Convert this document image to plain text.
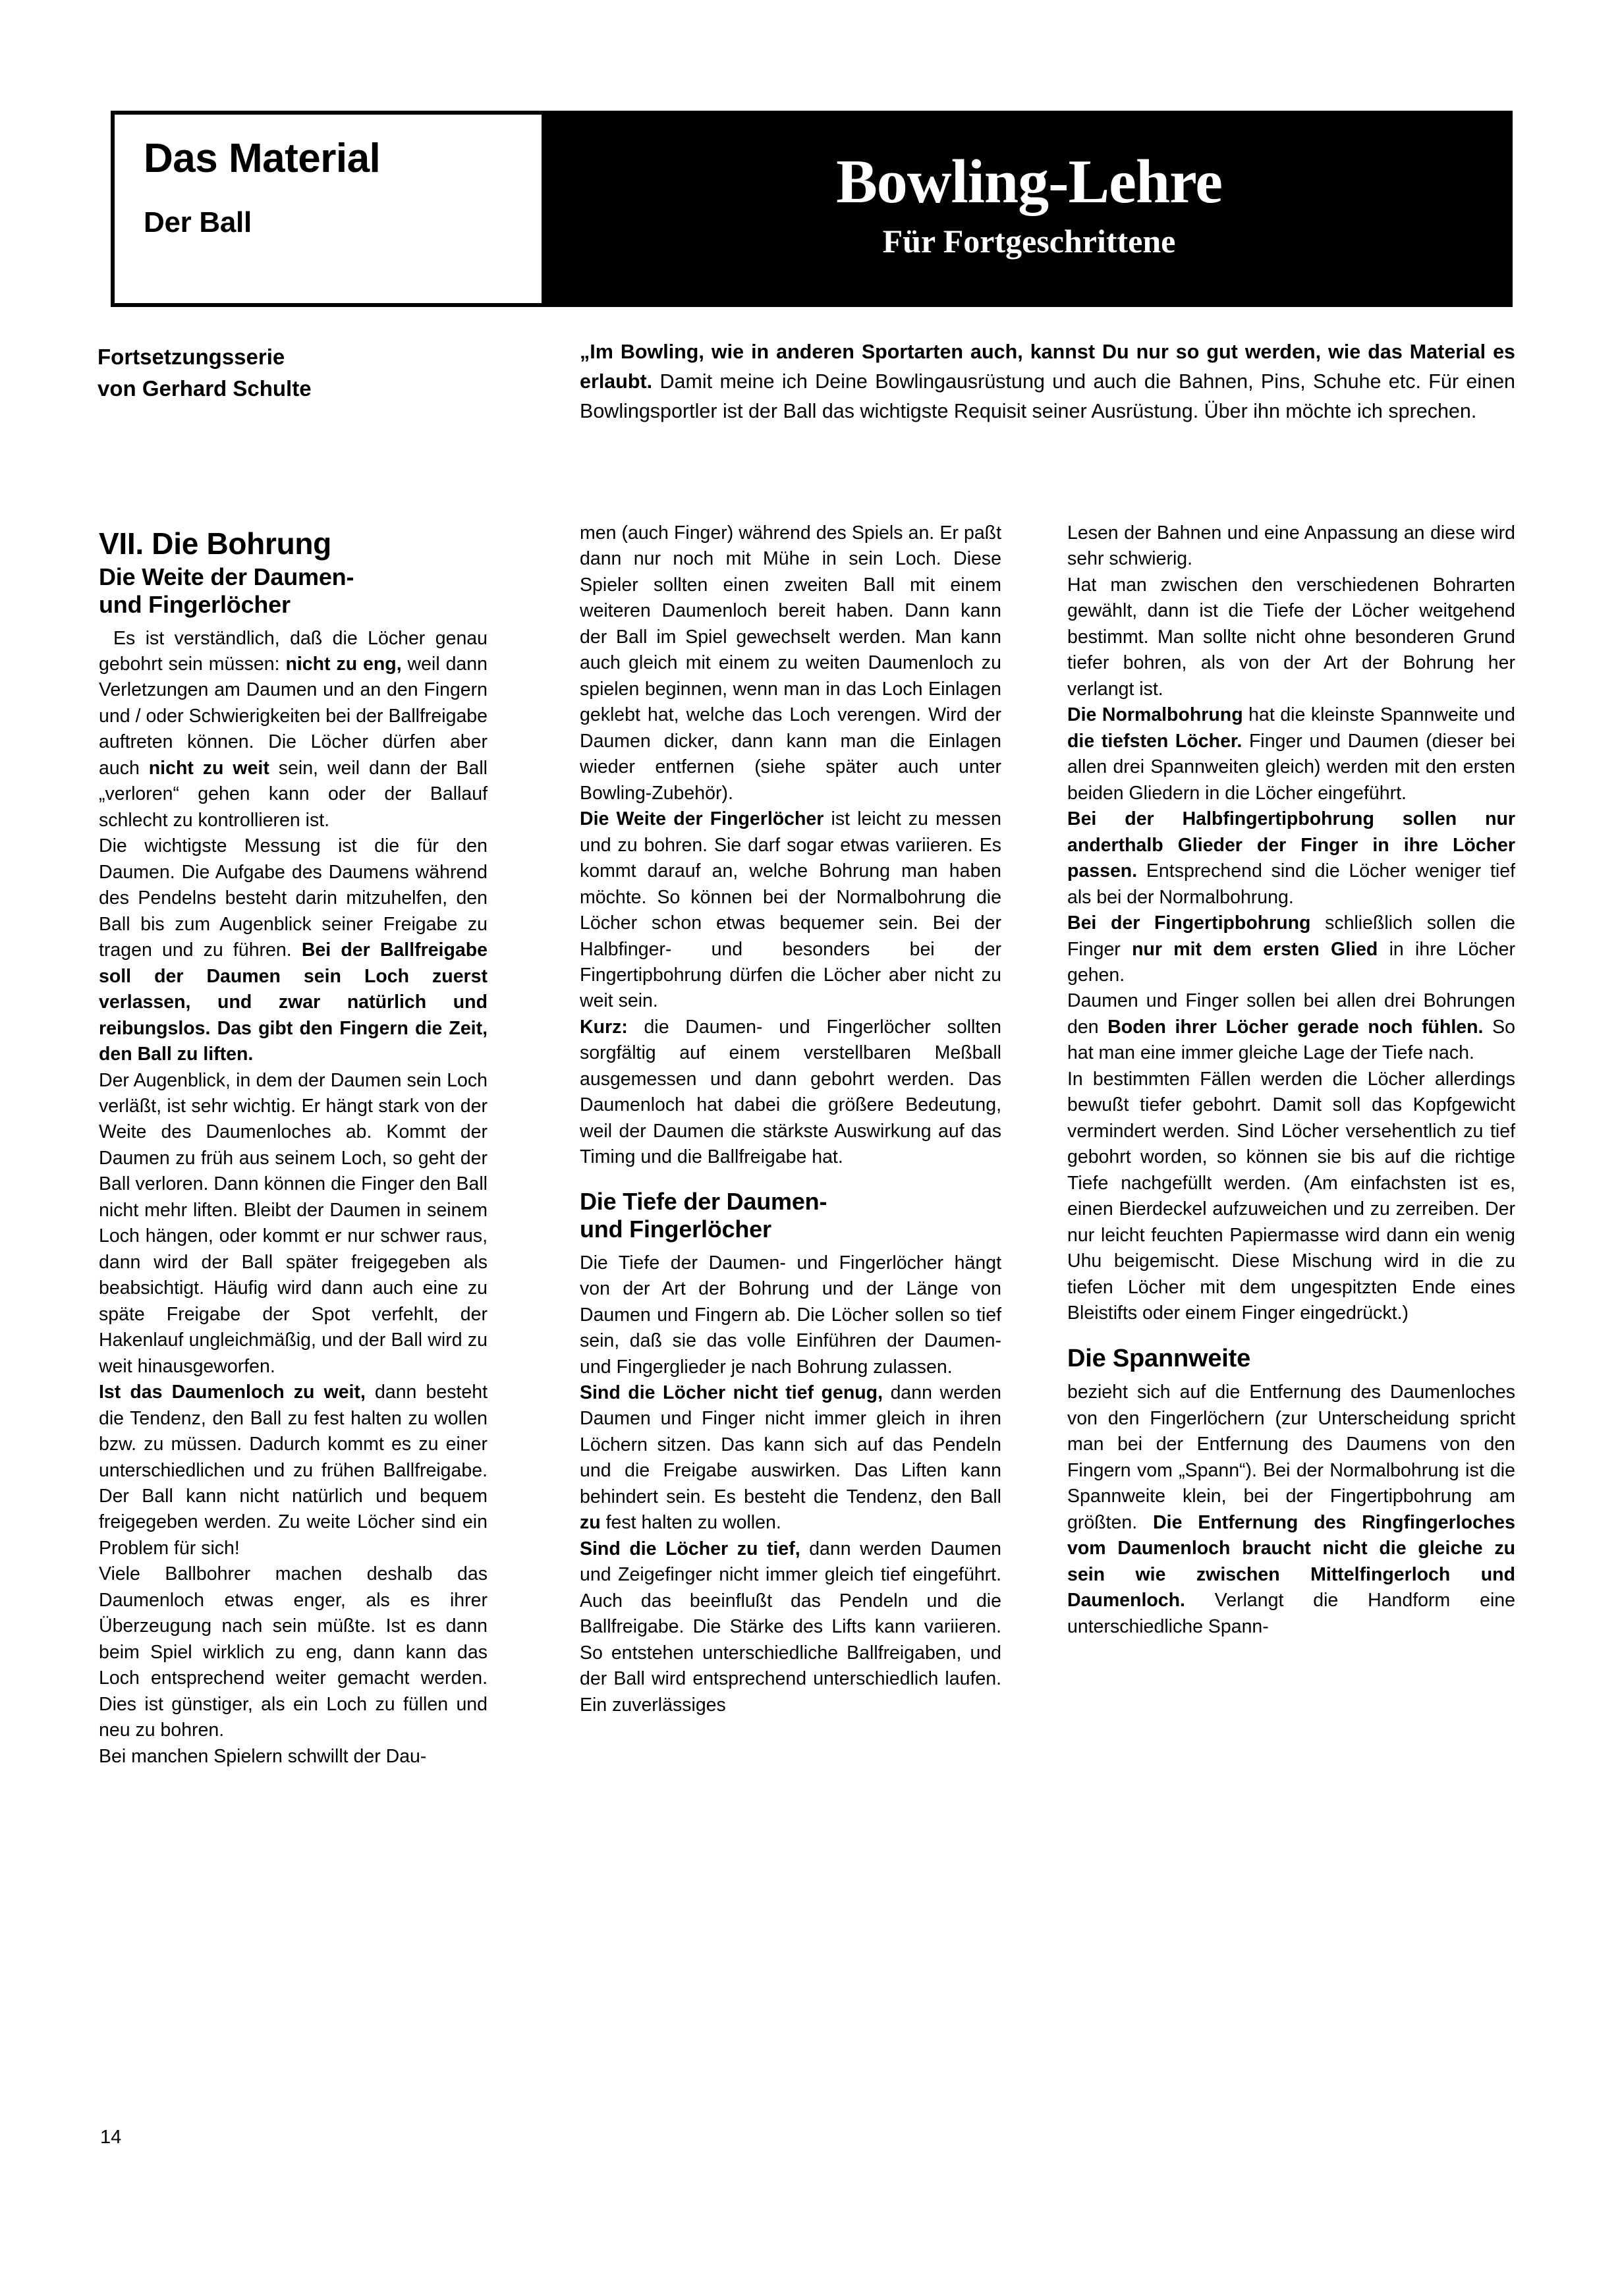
Das Material
Der Ball
Bowling-Lehre
Für Fortgeschrittene
Fortsetzungsserie
von Gerhard Schulte
„Im Bowling, wie in anderen Sportarten auch, kannst Du nur so gut werden, wie das Material es erlaubt. Damit meine ich Deine Bowlingausrüstung und auch die Bahnen, Pins, Schuhe etc. Für einen Bowlingsportler ist der Ball das wichtigste Requisit seiner Ausrüstung. Über ihn möchte ich sprechen.
VII. Die Bohrung
Die Weite der Daumen-
und Fingerlöcher

Es ist verständlich, daß die Löcher genau gebohrt sein müssen: nicht zu eng, weil dann Verletzungen am Daumen und an den Fingern und / oder Schwierigkeiten bei der Ballfreigabe auftreten können. Die Löcher dürfen aber auch nicht zu weit sein, weil dann der Ball „verloren“ gehen kann oder der Ballauf schlecht zu kontrollieren ist.

Die wichtigste Messung ist die für den Daumen. Die Aufgabe des Daumens während des Pendelns besteht darin mitzuhelfen, den Ball bis zum Augenblick seiner Freigabe zu tragen und zu führen. Bei der Ballfreigabe soll der Daumen sein Loch zuerst verlassen, und zwar natürlich und reibungslos. Das gibt den Fingern die Zeit, den Ball zu liften.

Der Augenblick, in dem der Daumen sein Loch verläßt, ist sehr wichtig. Er hängt stark von der Weite des Daumenloches ab. Kommt der Daumen zu früh aus seinem Loch, so geht der Ball verloren. Dann können die Finger den Ball nicht mehr liften. Bleibt der Daumen in seinem Loch hängen, oder kommt er nur schwer raus, dann wird der Ball später freigegeben als beabsichtigt. Häufig wird dann auch eine zu späte Freigabe der Spot verfehlt, der Hakenlauf ungleichmäßig, und der Ball wird zu weit hinausgeworfen.

Ist das Daumenloch zu weit, dann besteht die Tendenz, den Ball zu fest halten zu wollen bzw. zu müssen. Dadurch kommt es zu einer unterschiedlichen und zu frühen Ballfreigabe. Der Ball kann nicht natürlich und bequem freigegeben werden. Zu weite Löcher sind ein Problem für sich!

Viele Ballbohrer machen deshalb das Daumenloch etwas enger, als es ihrer Überzeugung nach sein müßte. Ist es dann beim Spiel wirklich zu eng, dann kann das Loch entsprechend weiter gemacht werden. Dies ist günstiger, als ein Loch zu füllen und neu zu bohren.

Bei manchen Spielern schwillt der Dau-

men (auch Finger) während des Spiels an. Er paßt dann nur noch mit Mühe in sein Loch. Diese Spieler sollten einen zweiten Ball mit einem weiteren Daumenloch bereit haben. Dann kann der Ball im Spiel gewechselt werden. Man kann auch gleich mit einem zu weiten Daumenloch zu spielen beginnen, wenn man in das Loch Einlagen geklebt hat, welche das Loch verengen. Wird der Daumen dicker, dann kann man die Einlagen wieder entfernen (siehe später auch unter Bowling-Zubehör).

Die Weite der Fingerlöcher ist leicht zu messen und zu bohren. Sie darf sogar etwas variieren. Es kommt darauf an, welche Bohrung man haben möchte. So können bei der Normalbohrung die Löcher schon etwas bequemer sein. Bei der Halbfinger- und besonders bei der Fingertipbohrung dürfen die Löcher aber nicht zu weit sein.

Kurz: die Daumen- und Fingerlöcher sollten sorgfältig auf einem verstellbaren Meßball ausgemessen und dann gebohrt werden. Das Daumenloch hat dabei die größere Bedeutung, weil der Daumen die stärkste Auswirkung auf das Timing und die Ballfreigabe hat.

Die Tiefe der Daumen-
und Fingerlöcher

Die Tiefe der Daumen- und Fingerlöcher hängt von der Art der Bohrung und der Länge von Daumen und Fingern ab. Die Löcher sollen so tief sein, daß sie das volle Einführen der Daumen- und Fingerglieder je nach Bohrung zulassen.

Sind die Löcher nicht tief genug, dann werden Daumen und Finger nicht immer gleich in ihren Löchern sitzen. Das kann sich auf das Pendeln und die Freigabe auswirken. Das Liften kann behindert sein. Es besteht die Tendenz, den Ball zu fest halten zu wollen.

Sind die Löcher zu tief, dann werden Daumen und Zeigefinger nicht immer gleich tief eingeführt. Auch das beeinflußt das Pendeln und die Ballfreigabe. Die Stärke des Lifts kann variieren. So entstehen unterschiedliche Ballfreigaben, und der Ball wird entsprechend unterschiedlich laufen. Ein zuverlässiges

Lesen der Bahnen und eine Anpassung an diese wird sehr schwierig.

Hat man zwischen den verschiedenen Bohrarten gewählt, dann ist die Tiefe der Löcher weitgehend bestimmt. Man sollte nicht ohne besonderen Grund tiefer bohren, als von der Art der Bohrung her verlangt ist.

Die Normalbohrung hat die kleinste Spannweite und die tiefsten Löcher. Finger und Daumen (dieser bei allen drei Spannweiten gleich) werden mit den ersten beiden Gliedern in die Löcher eingeführt.

Bei der Halbfingertipbohrung sollen nur anderthalb Glieder der Finger in ihre Löcher passen. Entsprechend sind die Löcher weniger tief als bei der Normalbohrung.

Bei der Fingertipbohrung schließlich sollen die Finger nur mit dem ersten Glied in ihre Löcher gehen.

Daumen und Finger sollen bei allen drei Bohrungen den Boden ihrer Löcher gerade noch fühlen. So hat man eine immer gleiche Lage der Tiefe nach.

In bestimmten Fällen werden die Löcher allerdings bewußt tiefer gebohrt. Damit soll das Kopfgewicht vermindert werden. Sind Löcher versehentlich zu tief gebohrt worden, so können sie bis auf die richtige Tiefe nachgefüllt werden. (Am einfachsten ist es, einen Bierdeckel aufzuweichen und zu zerreiben. Der nur leicht feuchten Papiermasse wird dann ein wenig Uhu beigemischt. Diese Mischung wird in die zu tiefen Löcher mit dem ungespitzten Ende eines Bleistifts oder einem Finger eingedrückt.)

Die Spannweite

bezieht sich auf die Entfernung des Daumenloches von den Fingerlöchern (zur Unterscheidung spricht man bei der Entfernung des Daumens von den Fingern vom „Spann“). Bei der Normalbohrung ist die Spannweite klein, bei der Fingertipbohrung am größten. Die Entfernung des Ringfingerloches vom Daumenloch braucht nicht die gleiche zu sein wie zwischen Mittelfingerloch und Daumenloch. Verlangt die Handform eine unterschiedliche Spann-

14
